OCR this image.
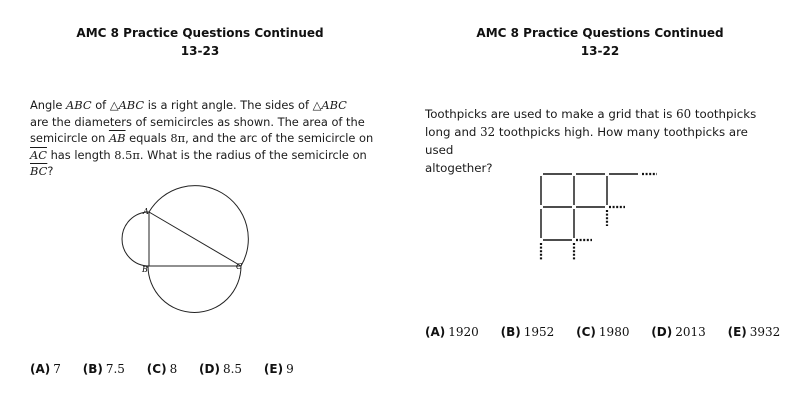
AMC 8 Practice Questions Continued
13-23
Angle ABC of △ABC is a right angle. The sides of △ABC
are the diameters of semicircles as shown. The area of the
semicircle on $\overline{AB}$ equals 8π, and the arc of the semicircle on
$\overline{AC}$ has length 8.5π. What is the radius of the semicircle on
$\overline{BC}$?
A
B	C
(A) 7 (B) 7.5 (C) 8 (D) 8.5 (E) 9
AMC 8 Practice Questions Continued
13-22
Toothpicks are used to make a grid that is 60 toothpicks
long and 32 toothpicks high. How many toothpicks are used
altogether?
(A) 1920 (B) 1952 (C) 1980 (D) 2013 (E) 3932
